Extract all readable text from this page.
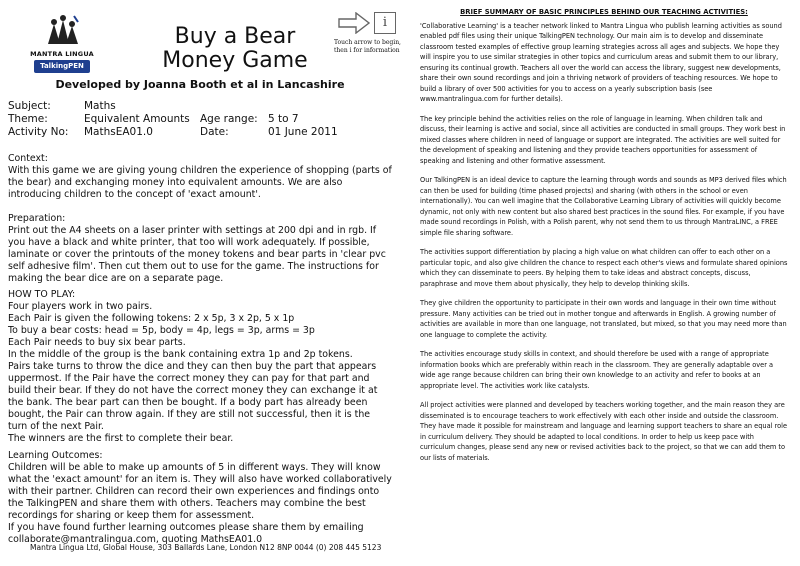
MANTRA LINGUA
TalkingPEN
Buy a Bear
Money Game
Developed by Joanna Booth et al in Lancashire
i
Touch arrow to begin, then i for information
Subject:	Maths
Theme:	Equivalent Amounts Age range: 5 to 7
Activity No:	MathsEA01.0	Date:	01 June 2011

Context:

With this game we are giving young children the experience of shopping (parts of the bear) and exchanging money into equivalent amounts. We are also introducing children to the concept of 'exact amount'.

Preparation:

Print out the A4 sheets on a laser printer with settings at 200 dpi and in rgb. If you have a black and white printer, that too will work adequately. If possible, laminate or cover the printouts of the money tokens and bear parts in 'clear pvc self adhesive film'. Then cut them out to use for the game. The instructions for making the bear dice are on a separate page.

HOW TO PLAY:

Four players work in two pairs.

Each Pair is given the following tokens: 2 x 5p, 3 x 2p, 5 x 1p

To buy a bear costs: head = 5p, body = 4p, legs = 3p, arms = 3p

Each Pair needs to buy six bear parts.

In the middle of the group is the bank containing extra 1p and 2p tokens.

Pairs take turns to throw the dice and they can then buy the part that appears uppermost. If the Pair have the correct money they can pay for that part and build their bear. If they do not have the correct money they can exchange it at the bank. The bear part can then be bought. If a body part has already been bought, the Pair can throw again. If they are still not successful, then it is the turn of the next Pair.

The winners are the first to complete their bear.

Learning Outcomes:

Children will be able to make up amounts of 5 in different ways. They will know what the 'exact amount' for an item is. They will also have worked collaboratively with their partner. Children can record their own experiences and findings onto the TalkingPEN and share them with others. Teachers may combine the best recordings for sharing or keep them for assessment.

If you have found further learning outcomes please share them by emailing collaborate@mantralingua.com, quoting MathsEA01.0

Mantra Lingua Ltd, Global House, 303 Ballards Lane, London N12 8NP 0044 (0) 208 445 5123
BRIEF SUMMARY OF BASIC PRINCIPLES BEHIND OUR TEACHING ACTIVITIES:

'Collaborative Learning' is a teacher network linked to Mantra Lingua who publish learning activities as sound enabled pdf files using their unique TalkingPEN technology. Our main aim is to develop and disseminate classroom tested examples of effective group learning strategies across all ages and subjects. We hope they will inspire you to use similar strategies in other topics and curriculum areas and submit them to our library, ensuring its continual growth. Teachers all over the world can access the library, suggest new developments, share their own sound recordings and join a thriving network of providers of teaching resources. We hope to build a library of over 500 activities for you to access on a yearly subscription basis (see www.mantralingua.com for further details).

The key principle behind the activities relies on the role of language in learning. When children talk and discuss, their learning is active and social, since all activities are conducted in small groups. They work best in mixed classes where children in need of language or support are integrated. The activities are well suited for the development of speaking and listening and they provide teachers opportunities for assessment of speaking and listening and other formative assessment.

Our TalkingPEN is an ideal device to capture the learning through words and sounds as MP3 derived files which can then be used for building (time phased projects) and sharing (with others in the school or even internationally). You can well imagine that the Collaborative Learning Library of activities will quickly become dynamic, not only with new content but also shared best practices in the sound files. For example, if you have made sound recordings in Polish, with a Polish parent, why not send them to us through MantraLINC, a FREE simple file sharing software.

The activities support differentiation by placing a high value on what children can offer to each other on a particular topic, and also give children the chance to respect each other's views and formulate shared opinions which they can disseminate to peers. By helping them to take ideas and abstract concepts, discuss, paraphrase and move them about physically, they help to develop thinking skills.

They give children the opportunity to participate in their own words and language in their own time without pressure. Many activities can be tried out in mother tongue and afterwards in English. A growing number of activities are available in more than one language, not translated, but mixed, so that you may need more than one language to complete the activity.

The activities encourage study skills in context, and should therefore be used with a range of appropriate information books which are preferably within reach in the classroom. They are generally adaptable over a wide age range because children can bring their own knowledge to an activity and refer to books at an appropriate level. The activities work like catalysts.

All project activities were planned and developed by teachers working together, and the main reason they are disseminated is to encourage teachers to work effectively with each other inside and outside the classroom. They have made it possible for mainstream and language and learning support teachers to share an equal role in curriculum delivery. They should be adapted to local conditions. In order to help us keep pace with curriculum changes, please send any new or revised activities back to the project, so that we can add them to our lists of materials.
